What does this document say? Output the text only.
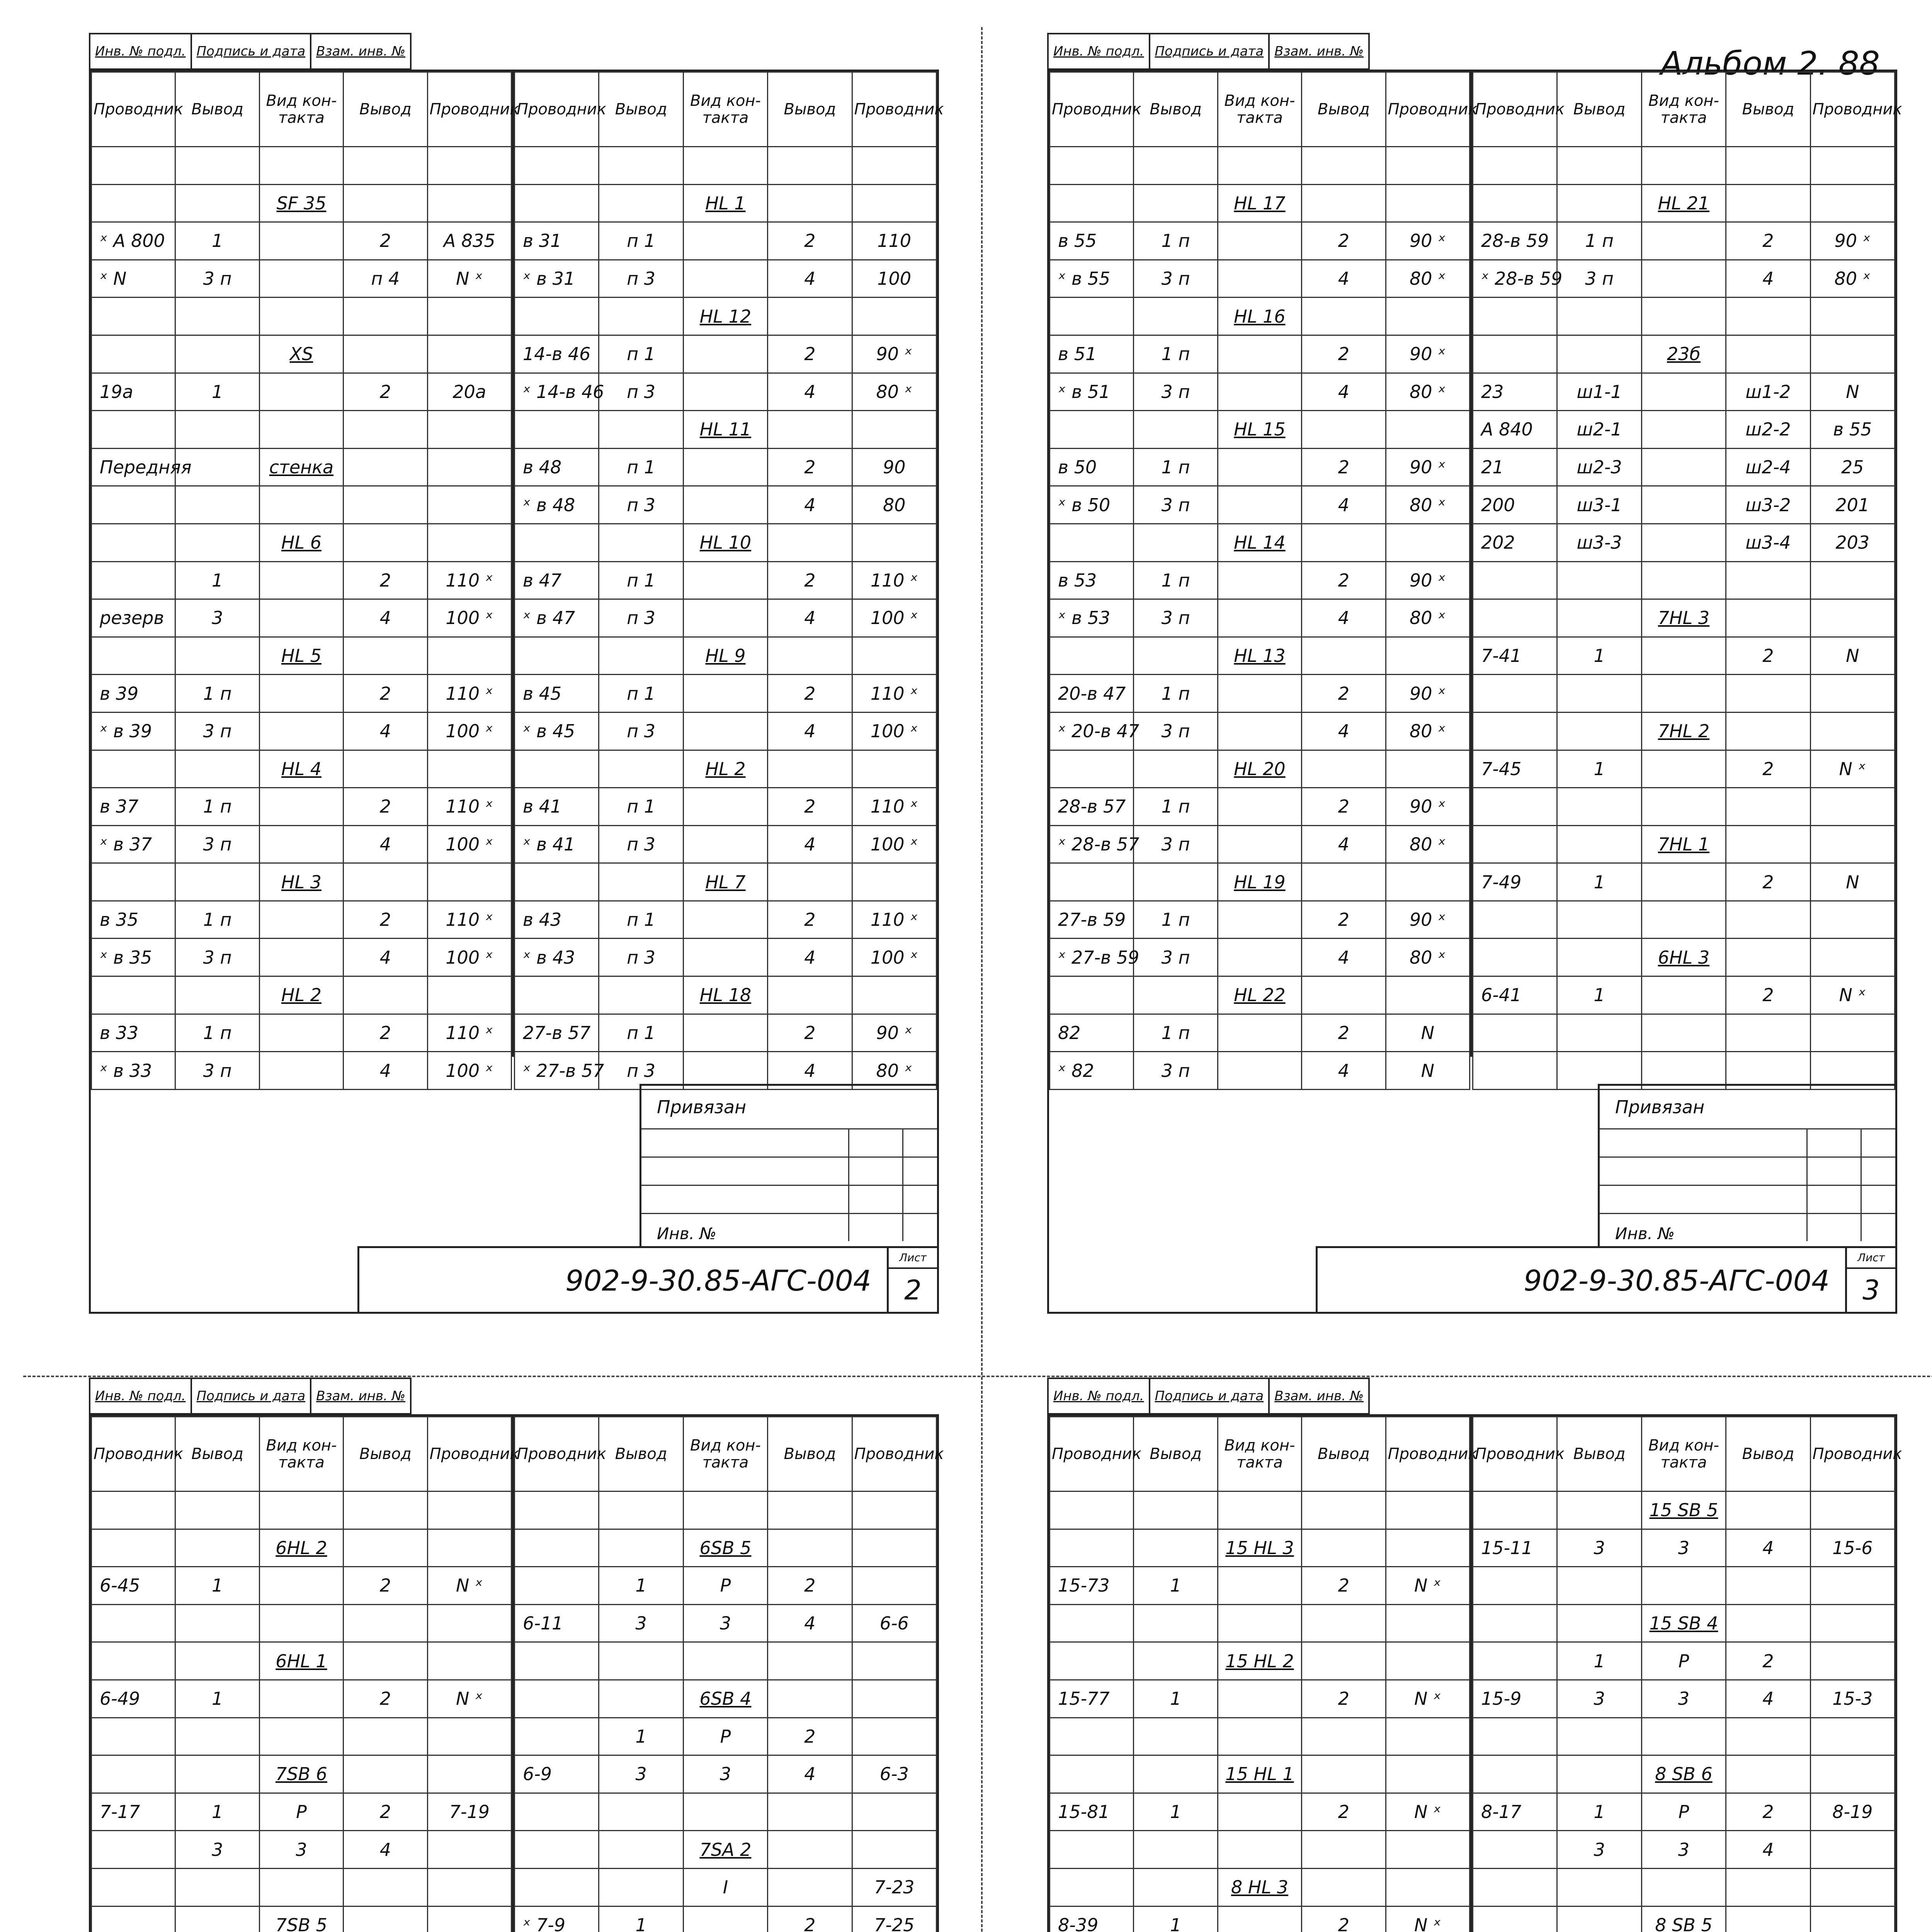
Инв. № подл. Подпись и дата Взам. инв. №
Проводник	Вывод	Вид кон- такта	Вывод	Проводник

		SF 35		
ˣ А 800	1		2	А 835
ˣ N	3 п		п 4	N ˣ

		XS		
19а	1		2	20а

Передняя		стенка		

		HL 6		
	1		2	110 ˣ
резерв	3		4	100 ˣ
		HL 5		
в 39	1 п		2	110 ˣ
ˣ в 39	3 п		4	100 ˣ
		HL 4		
в 37	1 п		2	110 ˣ
ˣ в 37	3 п		4	100 ˣ
		HL 3		
в 35	1 п		2	110 ˣ
ˣ в 35	3 п		4	100 ˣ
		HL 2		
в 33	1 п		2	110 ˣ
ˣ в 33	3 п		4	100 ˣ
Проводник	Вывод	Вид кон- такта	Вывод	Проводник

		HL 1		
в 31	п 1		2	110
ˣ в 31	п 3		4	100
		HL 12		
14-в 46	п 1		2	90 ˣ
ˣ 14-в 46	п 3		4	80 ˣ
		HL 11		
в 48	п 1		2	90
ˣ в 48	п 3		4	80
		HL 10		
в 47	п 1		2	110 ˣ
ˣ в 47	п 3		4	100 ˣ
		HL 9		
в 45	п 1		2	110 ˣ
ˣ в 45	п 3		4	100 ˣ
		HL 2		
в 41	п 1		2	110 ˣ
ˣ в 41	п 3		4	100 ˣ
		HL 7		
в 43	п 1		2	110 ˣ
ˣ в 43	п 3		4	100 ˣ
		HL 18		
27-в 57	п 1		2	90 ˣ
ˣ 27-в 57	п 3		4	80 ˣ
Привязан
Инв. №
902-9-30.85-АГС-004
Лист
2
Инв. № подл. Подпись и дата Взам. инв. №	Альбом 2. 88
Проводник	Вывод	Вид кон- такта	Вывод	Проводник

		HL 17		
в 55	1 п		2	90 ˣ
ˣ в 55	3 п		4	80 ˣ
		HL 16		
в 51	1 п		2	90 ˣ
ˣ в 51	3 п		4	80 ˣ
		HL 15		
в 50	1 п		2	90 ˣ
ˣ в 50	3 п		4	80 ˣ
		HL 14		
в 53	1 п		2	90 ˣ
ˣ в 53	3 п		4	80 ˣ
		HL 13		
20-в 47	1 п		2	90 ˣ
ˣ 20-в 47	3 п		4	80 ˣ
		HL 20		
28-в 57	1 п		2	90 ˣ
ˣ 28-в 57	3 п		4	80 ˣ
		HL 19		
27-в 59	1 п		2	90 ˣ
ˣ 27-в 59	3 п		4	80 ˣ
		HL 22		
82	1 п		2	N
ˣ 82	3 п		4	N
Проводник	Вывод	Вид кон- такта	Вывод	Проводник

		HL 21		
28-в 59	1 п		2	90 ˣ
ˣ 28-в 59	3 п		4	80 ˣ

		23б		
23	ш1-1		ш1-2	N
А 840	ш2-1		ш2-2	в 55
21	ш2-3		ш2-4	25
200	ш3-1		ш3-2	201
202	ш3-3		ш3-4	203

		7HL 3		
7-41	1		2	N

		7HL 2		
7-45	1		2	N ˣ

		7HL 1		
7-49	1		2	N

		6HL 3		
6-41	1		2	N ˣ

Привязан
Инв. №
902-9-30.85-АГС-004
Лист
3
Инв. № подл. Подпись и дата Взам. инв. №
Проводник	Вывод	Вид кон- такта	Вывод	Проводник

		6HL 2		
6-45	1		2	N ˣ

		6HL 1		
6-49	1		2	N ˣ

		7SB 6		
7-17	1	Р	2	7-19
	3	3	4	

		7SB 5		

Проводник	Вывод	Вид кон- такта	Вывод	Проводник

		6SB 5		
	1	Р	2	
6-11	3	3	4	6-6

		6SB 4		
	1	Р	2	
6-9	3	3	4	6-3

		7SA 2		
		I		7-23
ˣ 7-9	1		2	7-25

Инв. № подл. Подпись и дата Взам. инв. №
Проводник	Вывод	Вид кон- такта	Вывод	Проводник

		15 HL 3		
15-73	1		2	N ˣ

		15 HL 2		
15-77	1		2	N ˣ

		15 HL 1		
15-81	1		2	N ˣ

		8 HL 3		
8-39	1		2	N ˣ

Проводник	Вывод	Вид кон- такта	Вывод	Проводник
		15 SB 5		
15-11	3	3	4	15-6

		15 SB 4		
	1	Р	2	
15-9	3	3	4	15-3

		8 SB 6		
8-17	1	Р	2	8-19
	3	3	4	

		8 SB 5		
